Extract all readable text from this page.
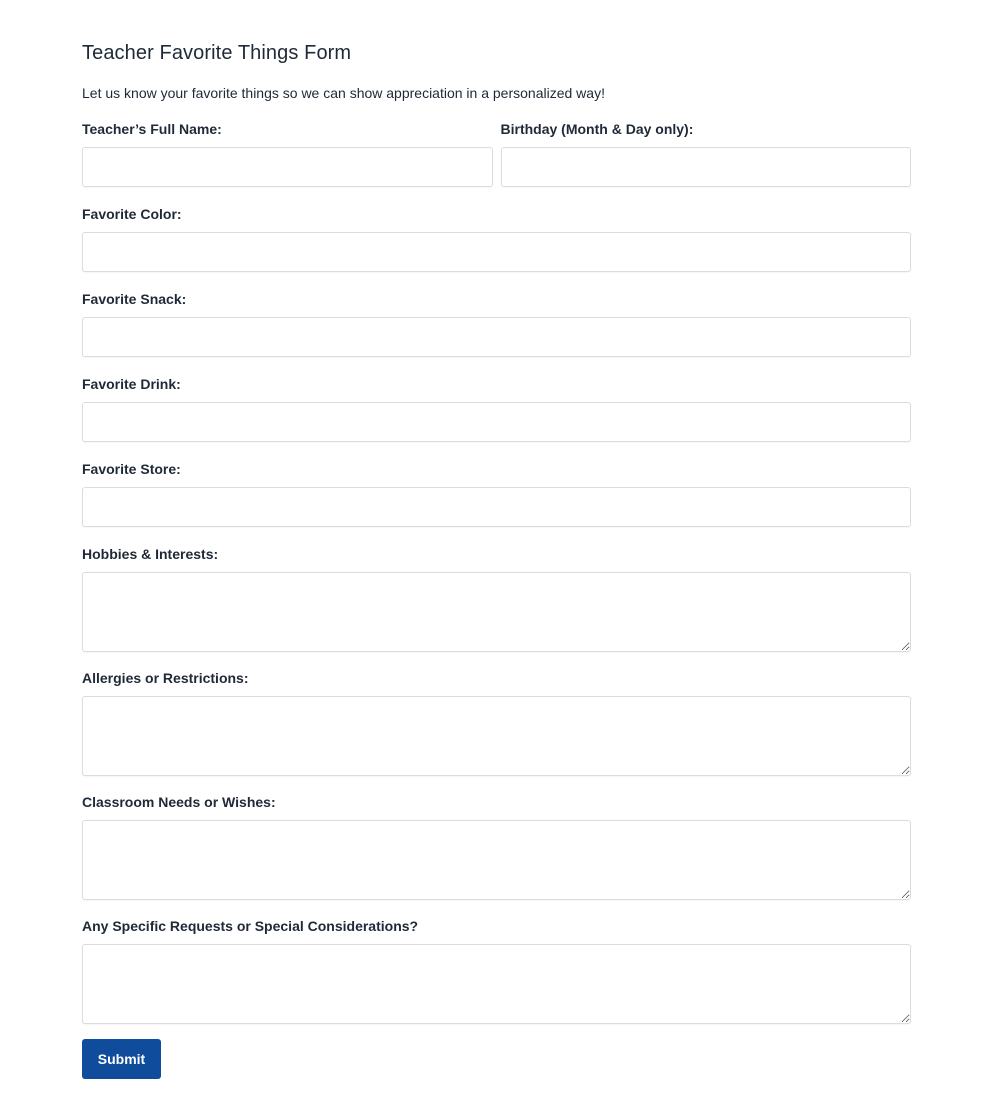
Teacher Favorite Things Form

Let us know your favorite things so we can show appreciation in a personalized way!

Teacher’s Full Name:	Birthday (Month & Day only):
Favorite Color:
Favorite Snack:
Favorite Drink:
Favorite Store:
Hobbies & Interests:
Allergies or Restrictions:
Classroom Needs or Wishes:
Any Specific Requests or Special Considerations?
Submit
